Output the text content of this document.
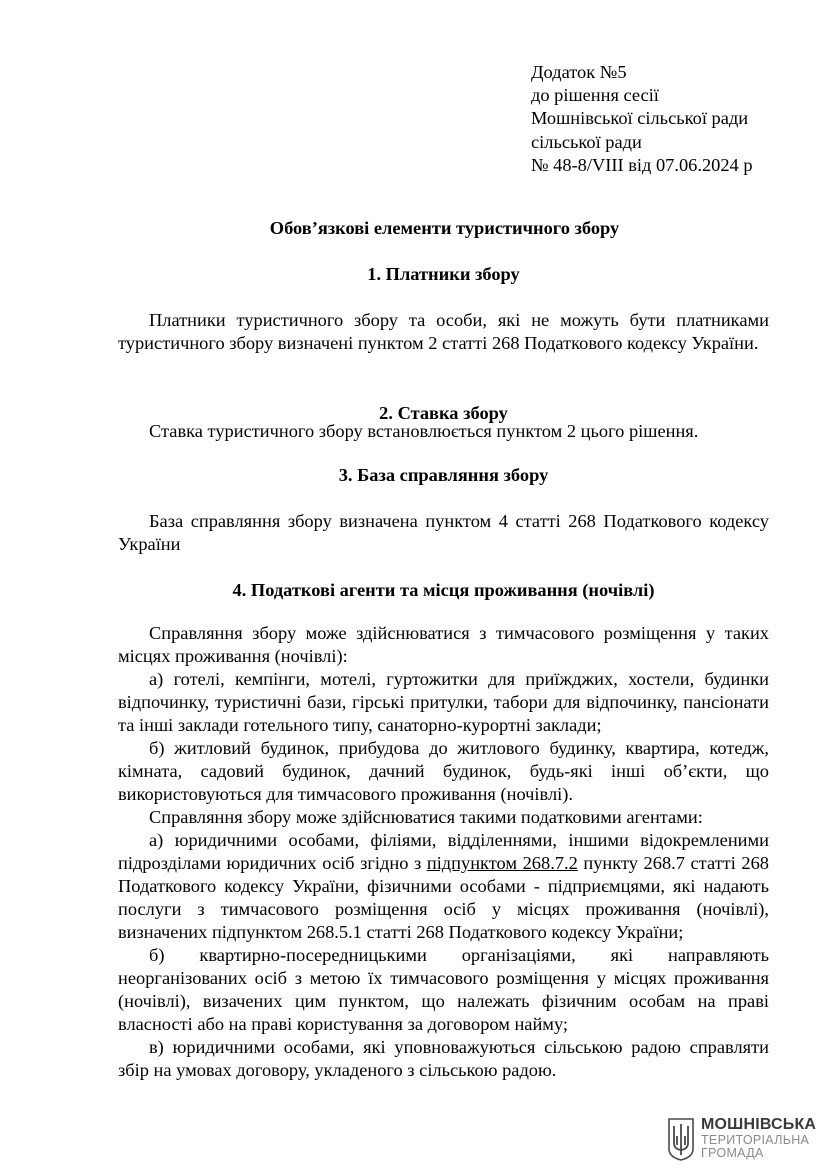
Додаток №5
до рішення сесії
Мошнівської сільської ради
сільської ради
№ 48-8/VIII від 07.06.2024 р
Обов’язкові елементи туристичного збору
1. Платники збору
Платники туристичного збору та особи, які не можуть бути платниками туристичного збору визначені пунктом 2 статті 268 Податкового кодексу України.
2. Ставка збору
Ставка туристичного збору встановлюється пунктом 2 цього рішення.
3. База справляння збору
База справляння збору визначена пунктом 4 статті 268 Податкового кодексу України
4. Податкові агенти та місця проживання (ночівлі)
Справляння збору може здійснюватися з тимчасового розміщення у таких місцях проживання (ночівлі):
а) готелі, кемпінги, мотелі, гуртожитки для приїжджих, хостели, будинки відпочинку, туристичні бази, гірські притулки, табори для відпочинку, пансіонати та інші заклади готельного типу, санаторно-курортні заклади;
б) житловий будинок, прибудова до житлового будинку, квартира, котедж, кімната, садовий будинок, дачний будинок, будь-які інші об’єкти, що використовуються для тимчасового проживання (ночівлі).
Справляння збору може здійснюватися такими податковими агентами:
а) юридичними особами, філіями, відділеннями, іншими відокремленими підрозділами юридичних осіб згідно з підпунктом 268.7.2 пункту 268.7 статті 268 Податкового кодексу України, фізичними особами - підприємцями, які надають послуги з тимчасового розміщення осіб у місцях проживання (ночівлі), визначених підпунктом 268.5.1 статті 268 Податкового кодексу України;
б) квартирно-посередницькими організаціями, які направляють неорганізованих осіб з метою їх тимчасового розміщення у місцях проживання (ночівлі), визачених цим пунктом, що належать фізичним особам на праві власності або на праві користування за договором найму;
в) юридичними особами, які уповноважуються сільською радою справляти збір на умовах договору, укладеного з сільською радою.
МОШНІВСЬКА
ТЕРИТОРІАЛЬНА
ГРОМАДА
